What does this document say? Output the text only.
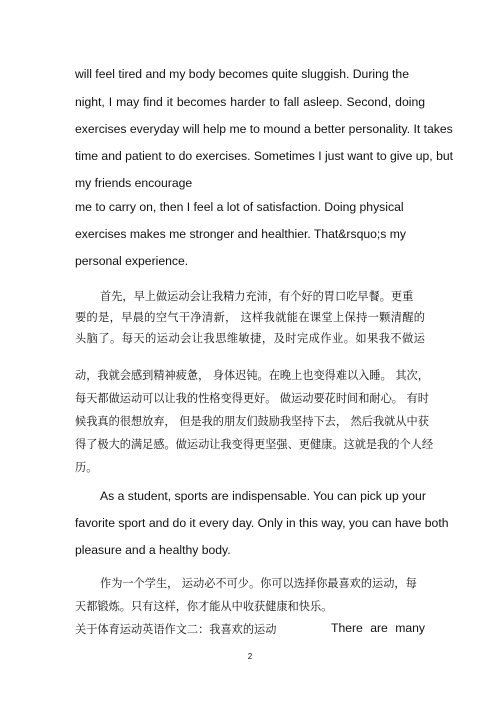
will feel tired and my body becomes quite sluggish. During the
night, I may find it becomes harder to fall asleep. Second, doing
exercises everyday will help me to mound a better personality. It takes
time and patient to do exercises. Sometimes I just want to give up, but
my friends encourage
me to carry on, then I feel a lot of satisfaction. Doing physical
exercises makes me stronger and healthier. That&rsquo;s my
personal experience.
首先，早上做运动会让我精力充沛，有个好的胃口吃早餐。更重
要的是，早晨的空气干净清新， 这样我就能在课堂上保持一颗清醒的
头脑了。每天的运动会让我思维敏捷，及时完成作业。如果我不做运
动，我就会感到精神疲惫， 身体迟钝。在晚上也变得难以入睡。 其次，
每天都做运动可以让我的性格变得更好。 做运动要花时间和耐心。 有时
候我真的很想放弃， 但是我的朋友们鼓励我坚持下去， 然后我就从中获
得了极大的满足感。做运动让我变得更坚强、更健康。这就是我的个人经
历。
As a student, sports are indispensable. You can pick up your
favorite sport and do it every day. Only in this way, you can have both
pleasure and a healthy body.
作为一个学生， 运动必不可少。你可以选择你最喜欢的运动，每
天都锻炼。只有这样，你才能从中收获健康和快乐。
关于体育运动英语作文二：我喜欢的运动	There are many
2
